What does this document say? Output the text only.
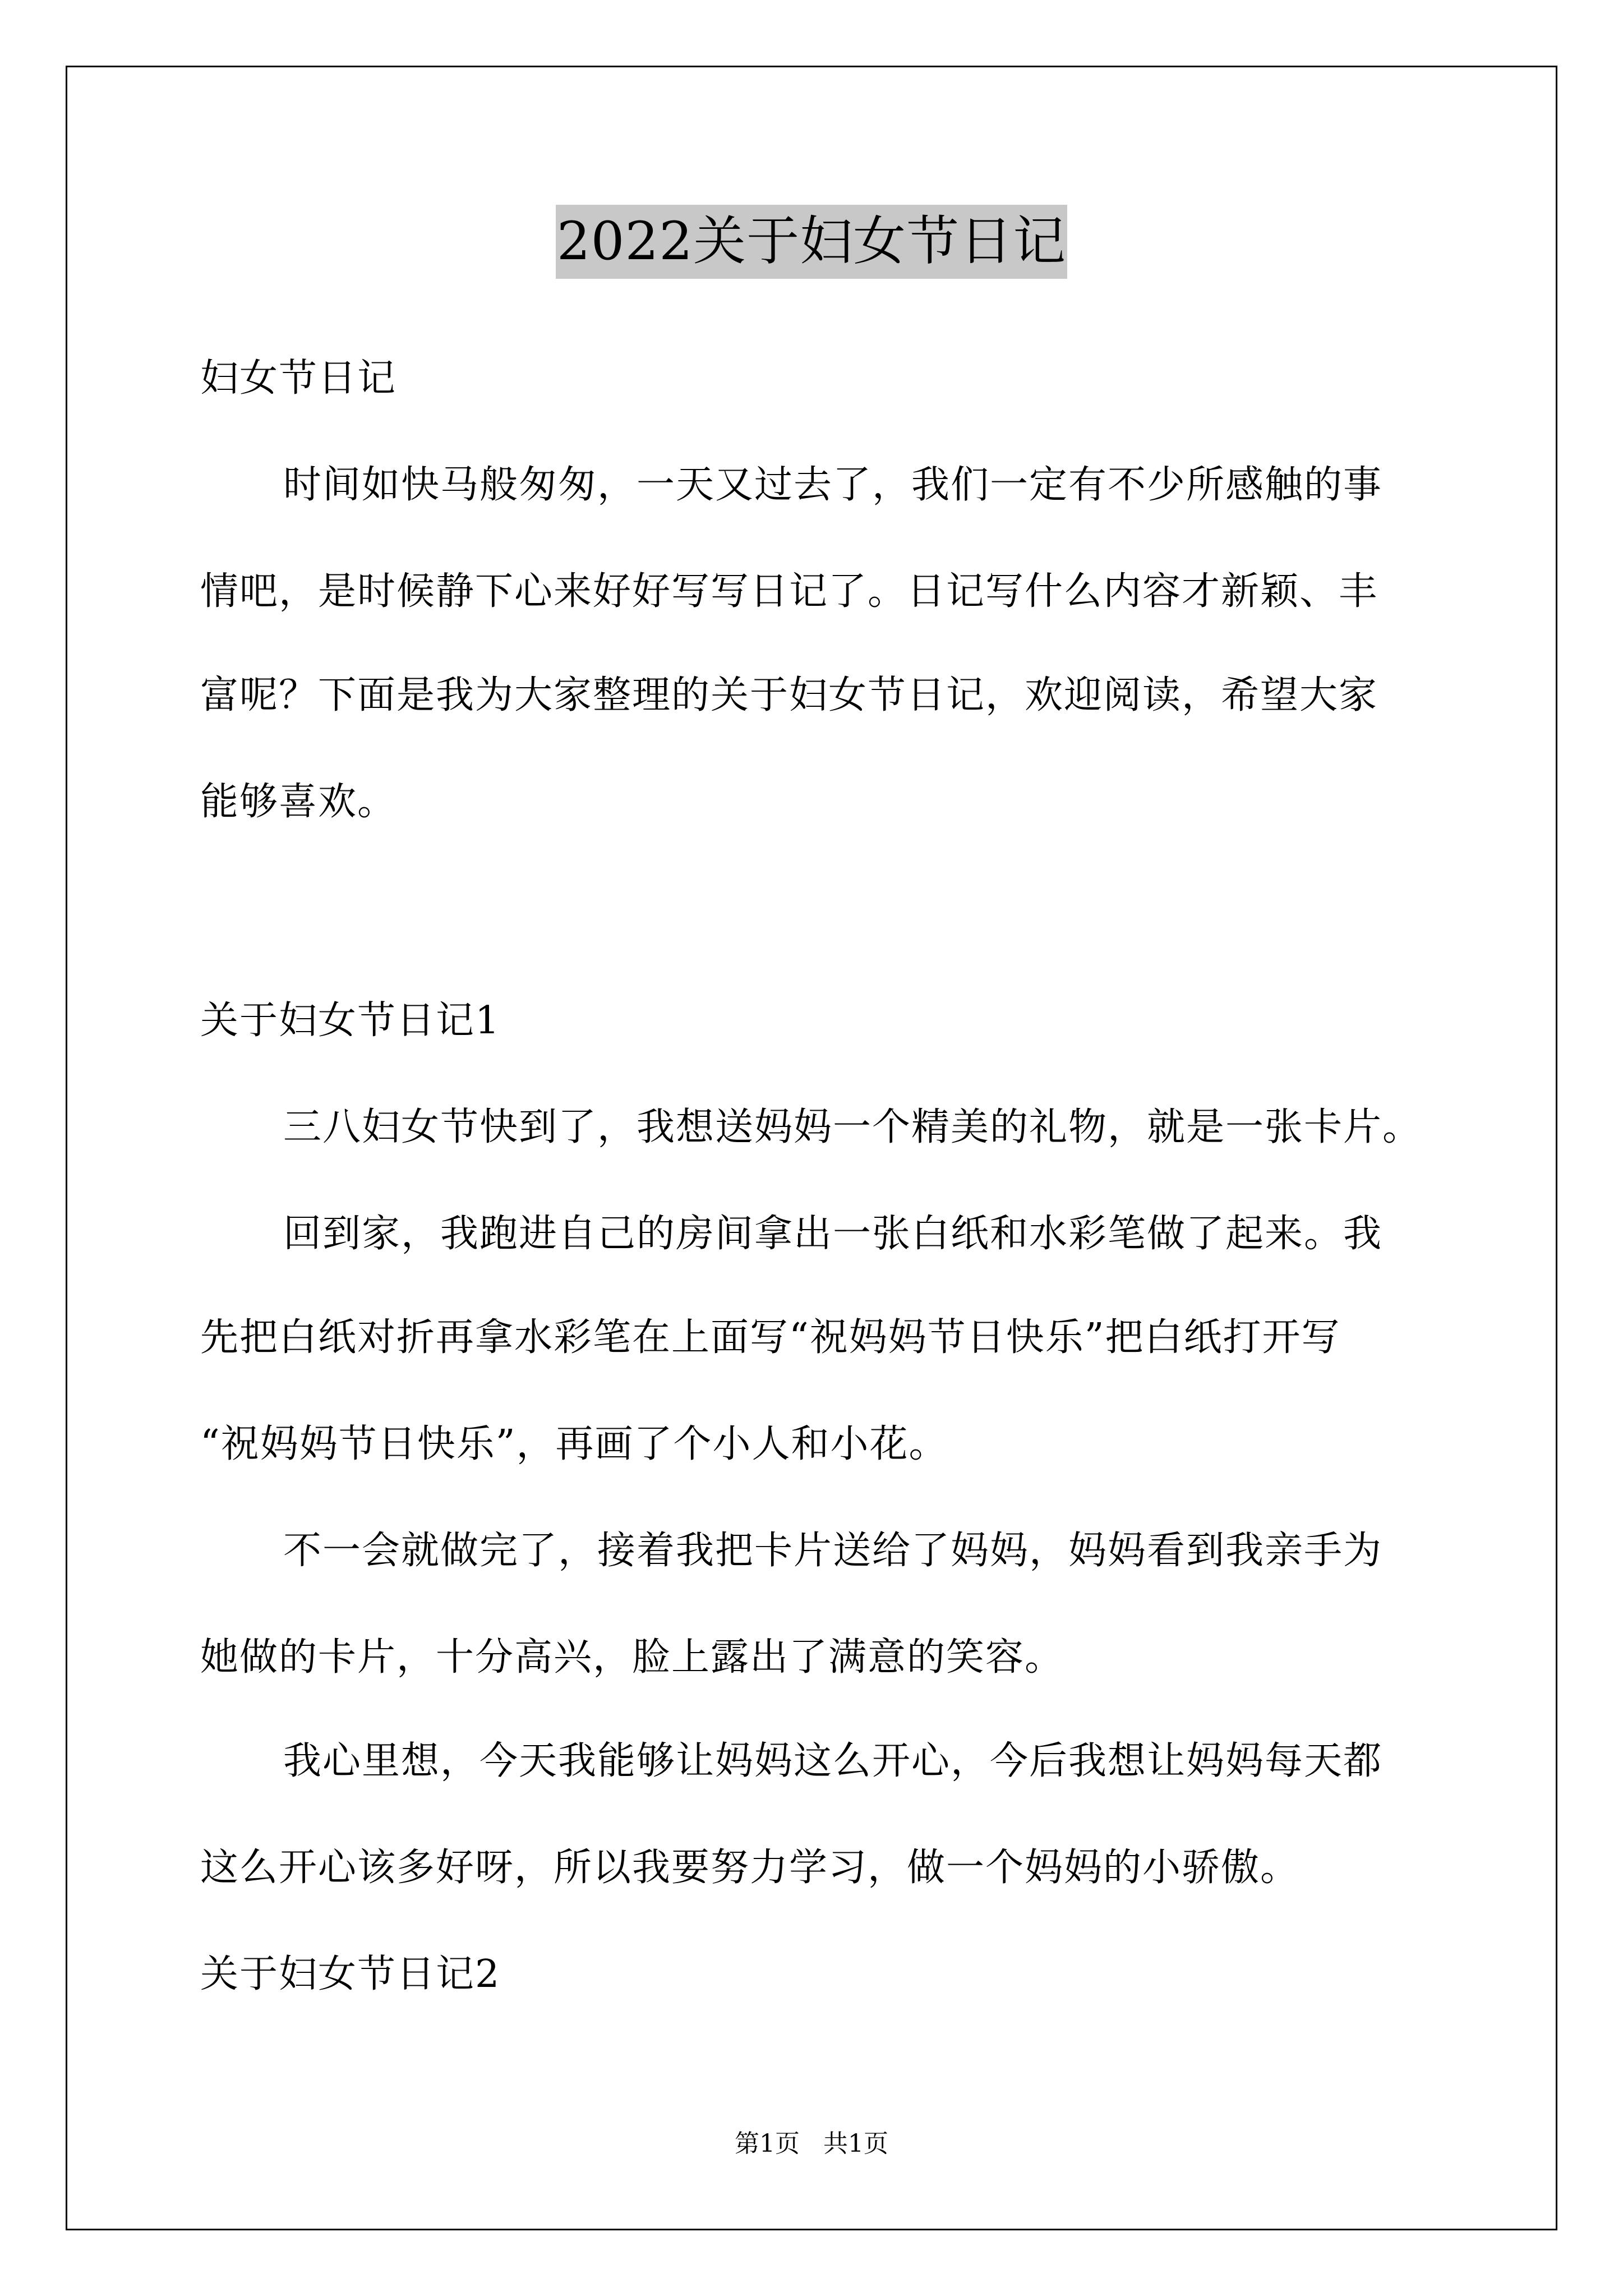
2022关于妇女节日记
妇女节日记
时间如快马般匆匆，一天又过去了，我们一定有不少所感触的事
情吧，是时候静下心来好好写写日记了。日记写什么内容才新颖、丰
富呢？下面是我为大家整理的关于妇女节日记，欢迎阅读，希望大家
能够喜欢。
关于妇女节日记1
三八妇女节快到了，我想送妈妈一个精美的礼物，就是一张卡片。
回到家，我跑进自己的房间拿出一张白纸和水彩笔做了起来。我
先把白纸对折再拿水彩笔在上面写“祝妈妈节日快乐”把白纸打开写
“祝妈妈节日快乐”，再画了个小人和小花。
不一会就做完了，接着我把卡片送给了妈妈，妈妈看到我亲手为
她做的卡片，十分高兴，脸上露出了满意的笑容。
我心里想，今天我能够让妈妈这么开心，今后我想让妈妈每天都
这么开心该多好呀，所以我要努力学习，做一个妈妈的小骄傲。
关于妇女节日记2
第1页   共1页
